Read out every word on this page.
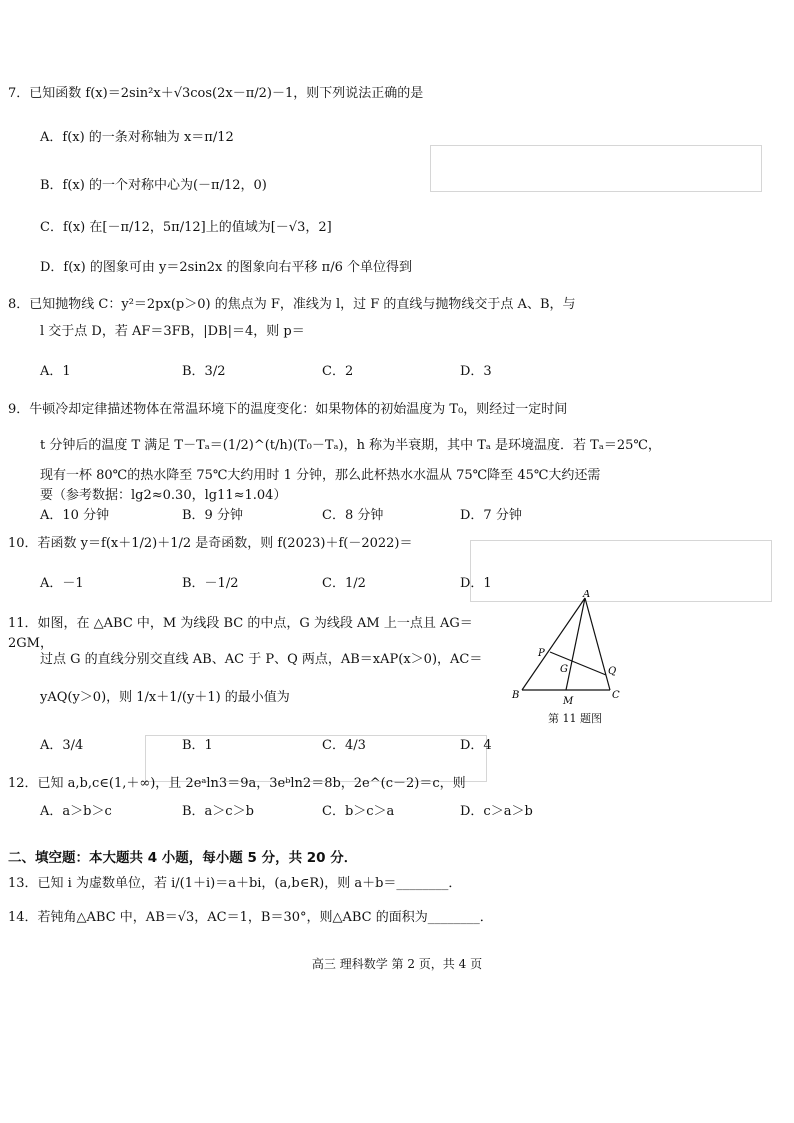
7．已知函数 f(x)＝2sin²x＋√3cos(2x－π/2)－1，则下列说法正确的是
A．f(x) 的一条对称轴为 x＝π/12
B．f(x) 的一个对称中心为(－π/12，0)
C．f(x) 在[－π/12，5π/12]上的值域为[－√3，2]
D．f(x) 的图象可由 y＝2sin2x 的图象向右平移 π/6 个单位得到
8．已知抛物线 C：y²＝2px(p＞0) 的焦点为 F，准线为 l，过 F 的直线与抛物线交于点 A、B，与
l 交于点 D，若 AF＝3FB，|DB|＝4，则 p＝
A．1	B．3/2	C．2	D．3
9．牛顿冷却定律描述物体在常温环境下的温度变化：如果物体的初始温度为 T₀，则经过一定时间
t 分钟后的温度 T 满足 T－Tₐ＝(1/2)^(t/h)(T₀－Tₐ)，h 称为半衰期，其中 Tₐ 是环境温度．若 Tₐ＝25℃，
现有一杯 80℃的热水降至 75℃大约用时 1 分钟，那么此杯热水水温从 75℃降至 45℃大约还需
要（参考数据：lg2≈0.30，lg11≈1.04）
A．10 分钟	B．9 分钟	C．8 分钟	D．7 分钟
10．若函数 y＝f(x＋1/2)＋1/2 是奇函数，则 f(2023)＋f(－2022)＝
A．－1	B．－1/2	C．1/2	D．1
11．如图，在 △ABC 中，M 为线段 BC 的中点，G 为线段 AM 上一点且 AG＝2GM，
过点 G 的直线分别交直线 AB、AC 于 P、Q 两点，AB＝xAP(x＞0)，AC＝
yAQ(y＞0)，则 1/x＋1/(y＋1) 的最小值为
A
B	C
M
G
P
Q
第 11 题图
A．3/4	B．1	C．4/3	D．4
12．已知 a,b,c∈(1,＋∞)，且 2eᵃln3＝9a，3eᵇln2＝8b，2e^(c－2)＝c，则
A．a＞b＞c	B．a＞c＞b	C．b＞c＞a	D．c＞a＞b
二、填空题：本大题共 4 小题，每小题 5 分，共 20 分．
13．已知 i 为虚数单位，若 i/(1＋i)＝a＋bi，(a,b∈R)，则 a＋b＝________．
14．若钝角△ABC 中，AB＝√3，AC＝1，B＝30°，则△ABC 的面积为________．
高三 理科数学 第 2 页，共 4 页
